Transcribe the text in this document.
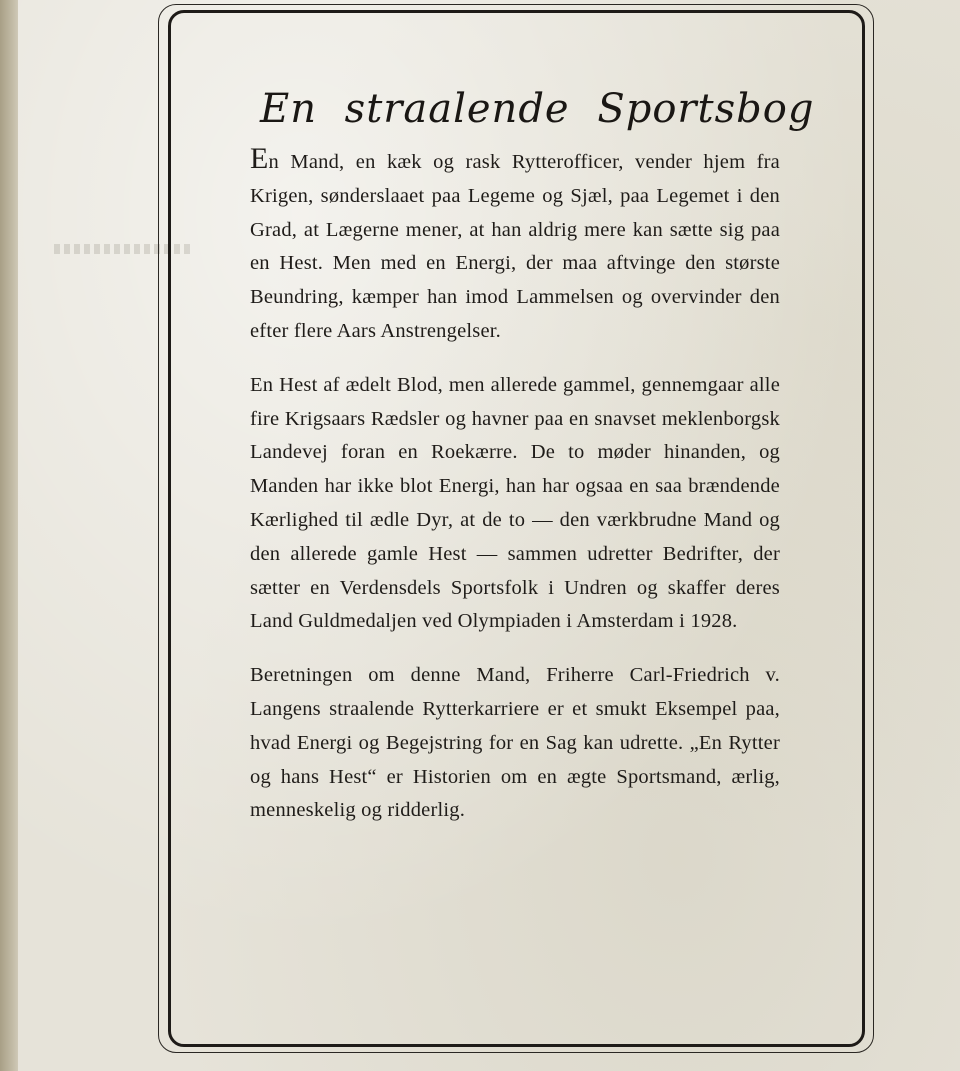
En straalende Sportsbog

En Mand, en kæk og rask Rytterofficer, vender hjem fra Krigen, sønderslaaet paa Legeme og Sjæl, paa Legemet i den Grad, at Lægerne mener, at han aldrig mere kan sætte sig paa en Hest. Men med en Energi, der maa aftvinge den største Beundring, kæmper han imod Lammelsen og overvinder den efter flere Aars Anstrengelser.

En Hest af ædelt Blod, men allerede gammel, gennemgaar alle fire Krigsaars Rædsler og havner paa en snavset meklenborgsk Landevej foran en Roekærre. De to møder hinanden, og Manden har ikke blot Energi, han har ogsaa en saa brændende Kærlighed til ædle Dyr, at de to — den værkbrudne Mand og den allerede gamle Hest — sammen udretter Bedrifter, der sætter en Verdensdels Sportsfolk i Undren og skaffer deres Land Guldmedaljen ved Olympiaden i Amsterdam i 1928.

Beretningen om denne Mand, Friherre Carl-Friedrich v. Langens straalende Rytterkarriere er et smukt Eksempel paa, hvad Energi og Begejstring for en Sag kan udrette. „En Rytter og hans Hest“ er Historien om en ægte Sportsmand, ærlig, menneskelig og ridderlig.
